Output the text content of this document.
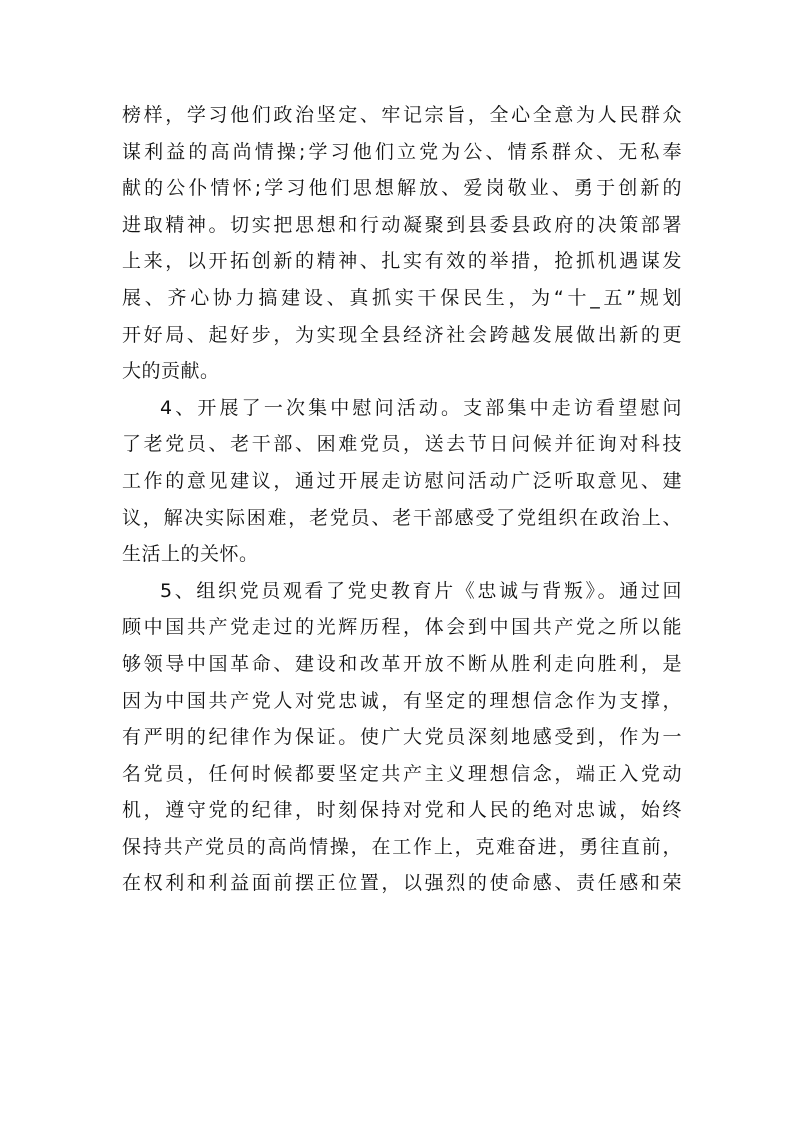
榜样，学习他们政治坚定、牢记宗旨，全心全意为人民群众
谋利益的高尚情操;学习他们立党为公、情系群众、无私奉
献的公仆情怀;学习他们思想解放、爱岗敬业、勇于创新的
进取精神。切实把思想和行动凝聚到县委县政府的决策部署
上来，以开拓创新的精神、扎实有效的举措，抢抓机遇谋发
展、齐心协力搞建设、真抓实干保民生，为“十_五”规划
开好局、起好步，为实现全县经济社会跨越发展做出新的更
大的贡献。
4、开展了一次集中慰问活动。支部集中走访看望慰问
了老党员、老干部、困难党员，送去节日问候并征询对科技
工作的意见建议，通过开展走访慰问活动广泛听取意见、建
议，解决实际困难，老党员、老干部感受了党组织在政治上、
生活上的关怀。
5、组织党员观看了党史教育片《忠诚与背叛》。通过回
顾中国共产党走过的光辉历程，体会到中国共产党之所以能
够领导中国革命、建设和改革开放不断从胜利走向胜利，是
因为中国共产党人对党忠诚，有坚定的理想信念作为支撑，
有严明的纪律作为保证。使广大党员深刻地感受到，作为一
名党员，任何时候都要坚定共产主义理想信念，端正入党动
机，遵守党的纪律，时刻保持对党和人民的绝对忠诚，始终
保持共产党员的高尚情操，在工作上，克难奋进，勇往直前，
在权利和利益面前摆正位置，以强烈的使命感、责任感和荣
